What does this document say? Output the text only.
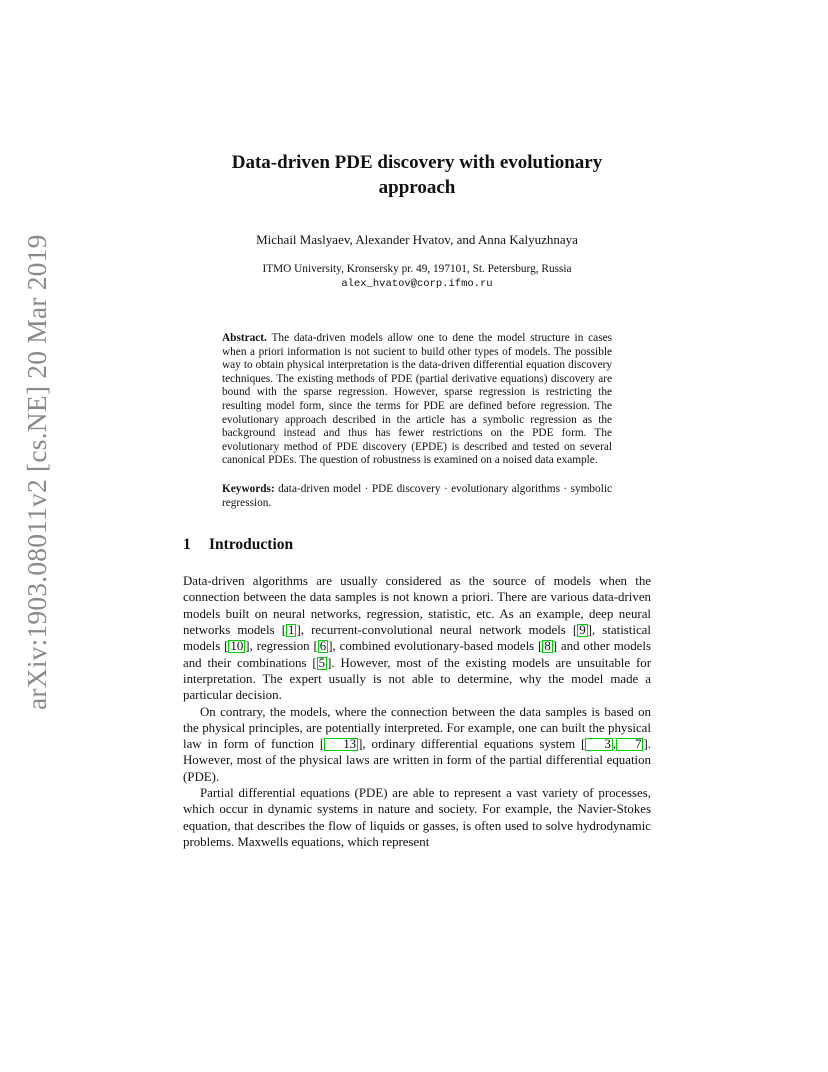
arXiv:1903.08011v2 [cs.NE] 20 Mar 2019
Data-driven PDE discovery with evolutionary
approach
Michail Maslyaev, Alexander Hvatov, and Anna Kalyuzhnaya
ITMO University, Kronsersky pr. 49, 197101, St. Petersburg, Russia
alex_hvatov@corp.ifmo.ru
Abstract. The data-driven models allow one to dene the model structure in cases when a priori information is not sucient to build other types of models. The possible way to obtain physical interpretation is the data-driven differential equation discovery techniques. The existing methods of PDE (partial derivative equations) discovery are bound with the sparse regression. However, sparse regression is restricting the resulting model form, since the terms for PDE are defined before regression. The evolutionary approach described in the article has a symbolic regression as the background instead and thus has fewer restrictions on the PDE form. The evolutionary method of PDE discovery (EPDE) is described and tested on several canonical PDEs. The question of robustness is examined on a noised data example.
Keywords: data-driven model · PDE discovery · evolutionary algorithms · symbolic regression.
1 Introduction

Data-driven algorithms are usually considered as the source of models when the connection between the data samples is not known a priori. There are various data-driven models built on neural networks, regression, statistic, etc. As an example, deep neural networks models [ 1 ], recurrent-convolutional neural network models [ 9 ], statistical models [ 10 ], regression [ 6 ], combined evolutionary-based models [ 8 ] and other models and their combinations [ 5 ]. However, most of the existing models are unsuitable for interpretation. The expert usually is not able to determine, why the model made a particular decision.

On contrary, the models, where the connection between the data samples is based on the physical principles, are potentially interpreted. For example, one can built the physical law in form of function [ 13 ], ordinary differential equations system [ 3 , 7 ]. However, most of the physical laws are written in form of the partial differential equation (PDE).

Partial differential equations (PDE) are able to represent a vast variety of processes, which occur in dynamic systems in nature and society. For example, the Navier-Stokes equation, that describes the flow of liquids or gasses, is often used to solve hydrodynamic problems. Maxwells equations, which represent
